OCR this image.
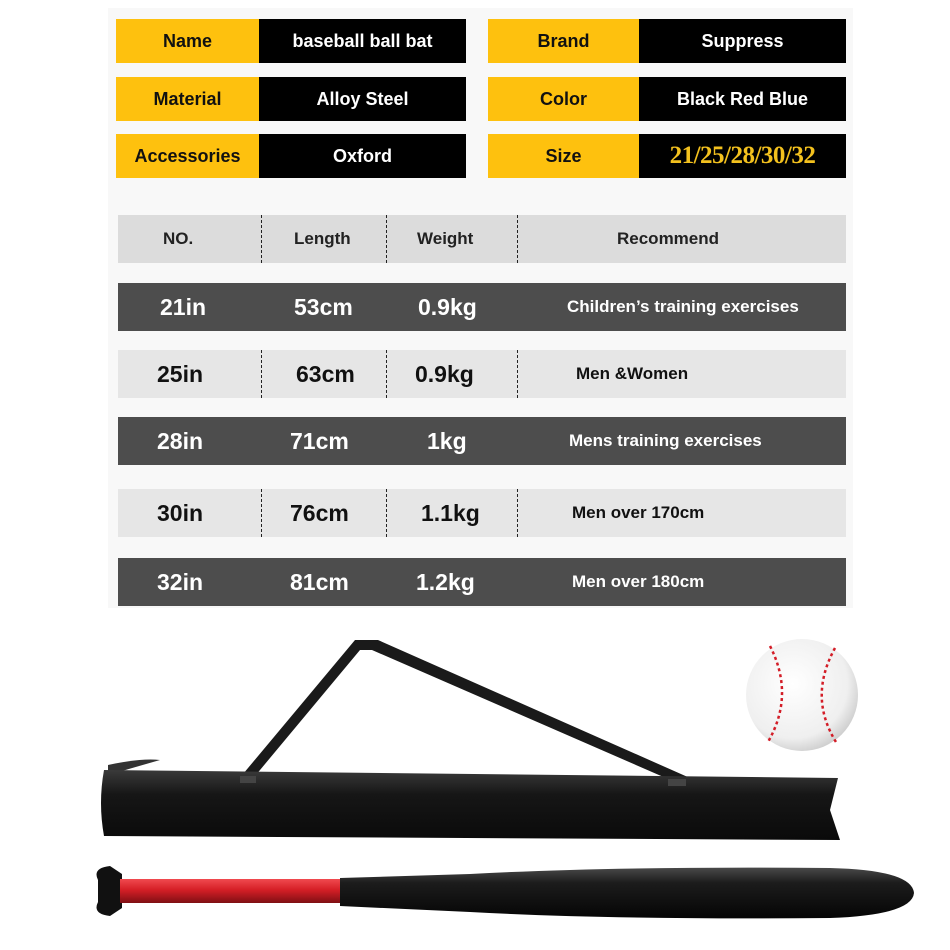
Name	baseball ball bat	Brand	Suppress
Material	Alloy Steel	Color	Black Red Blue
Accessories	Oxford	Size	21/25/28/30/32
NO.	Length	Weight	Recommend
21in	53cm	0.9kg	Children’s training exercises
25in	63cm	0.9kg	Men &Women
28in	71cm	1kg	Mens training exercises
30in	76cm	1.1kg	Men over 170cm
32in	81cm	1.2kg	Men over 180cm
